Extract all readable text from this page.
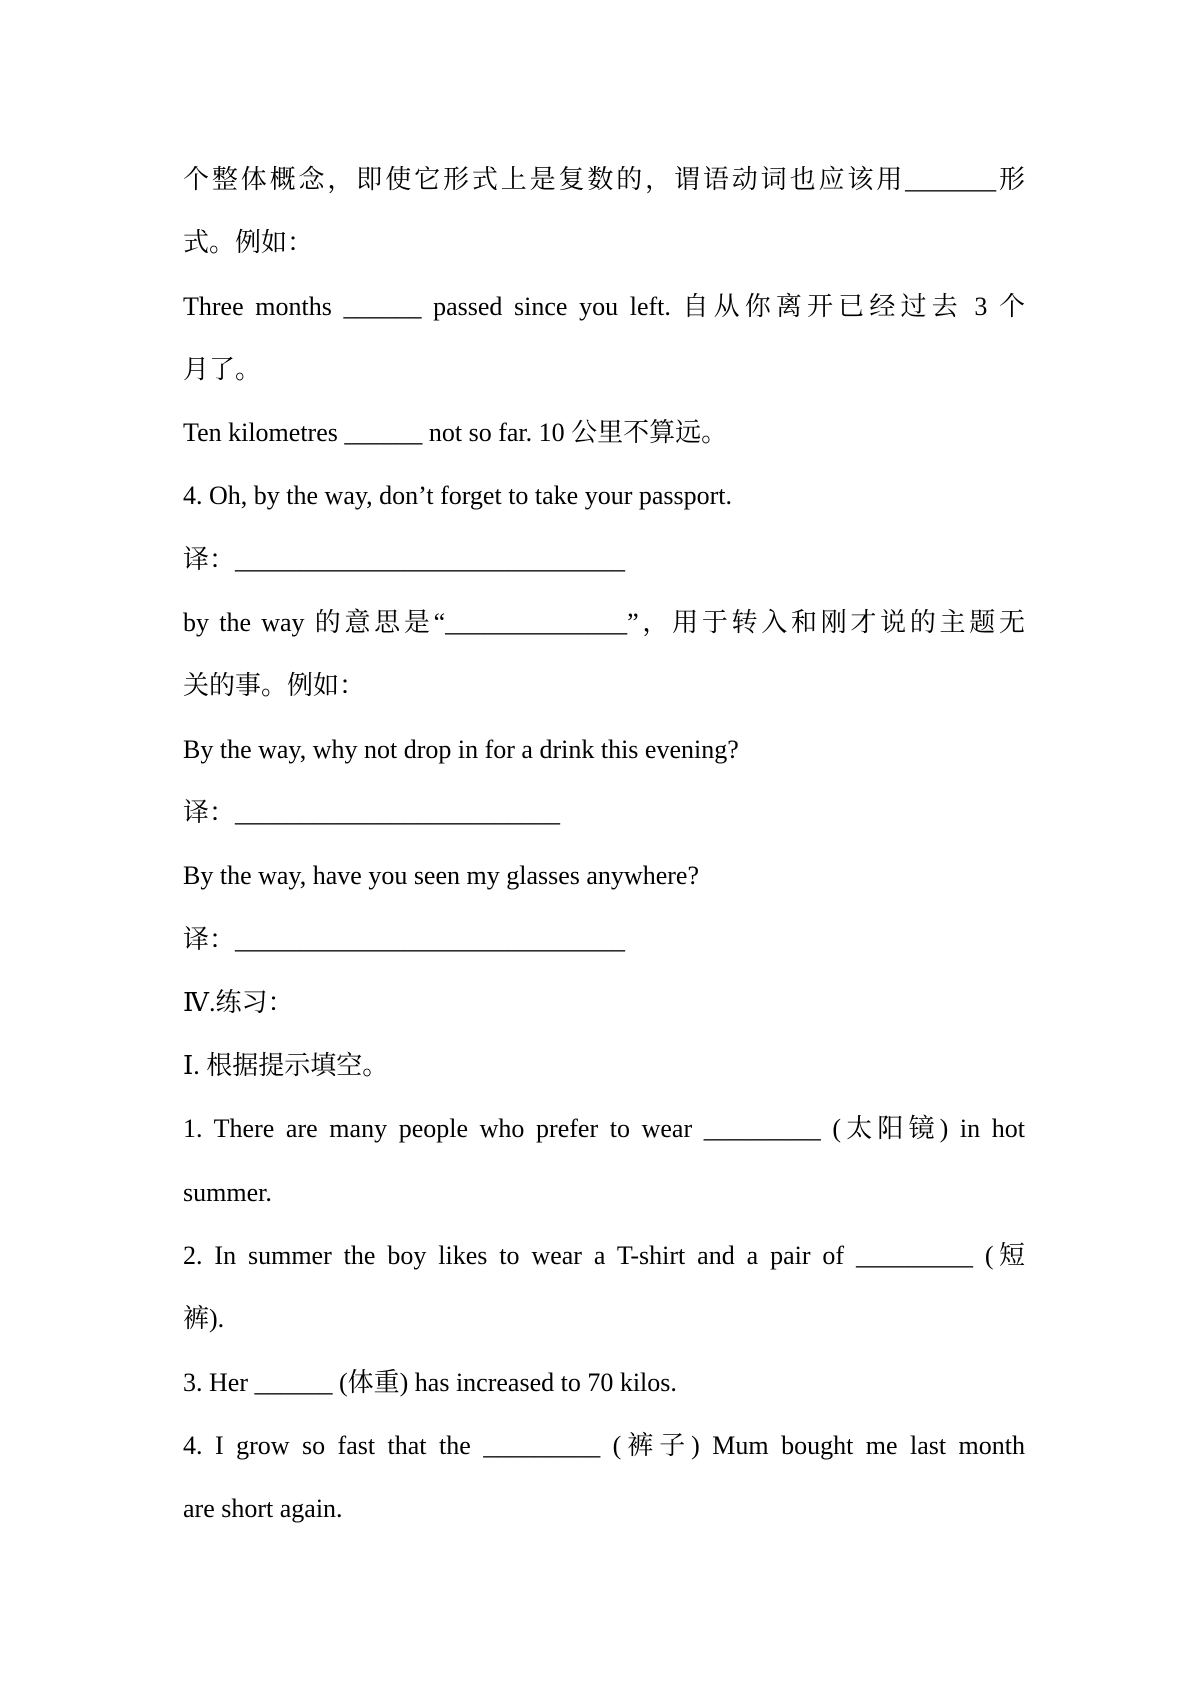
个整体概念，即使它形式上是复数的，谓语动词也应该用_______形
式。例如：
Three months ______ passed since you left. 自从你离开已经过去 3 个
月了。
Ten kilometres ______ not so far. 10 公里不算远。
4. Oh, by the way, don’t forget to take your passport.
译：______________________________
by the way 的意思是“______________”，用于转入和刚才说的主题无
关的事。例如：
By the way, why not drop in for a drink this evening?
译：_________________________
By the way, have you seen my glasses anywhere?
译：______________________________
Ⅳ.练习：
Ⅰ. 根据提示填空。
1. There are many people who prefer to wear _________ (太阳镜) in hot
summer.
2. In summer the boy likes to wear a T-shirt and a pair of _________ (短
裤).
3. Her ______ (体重) has increased to 70 kilos.
4. I grow so fast that the _________ (裤子) Mum bought me last month
are short again.
